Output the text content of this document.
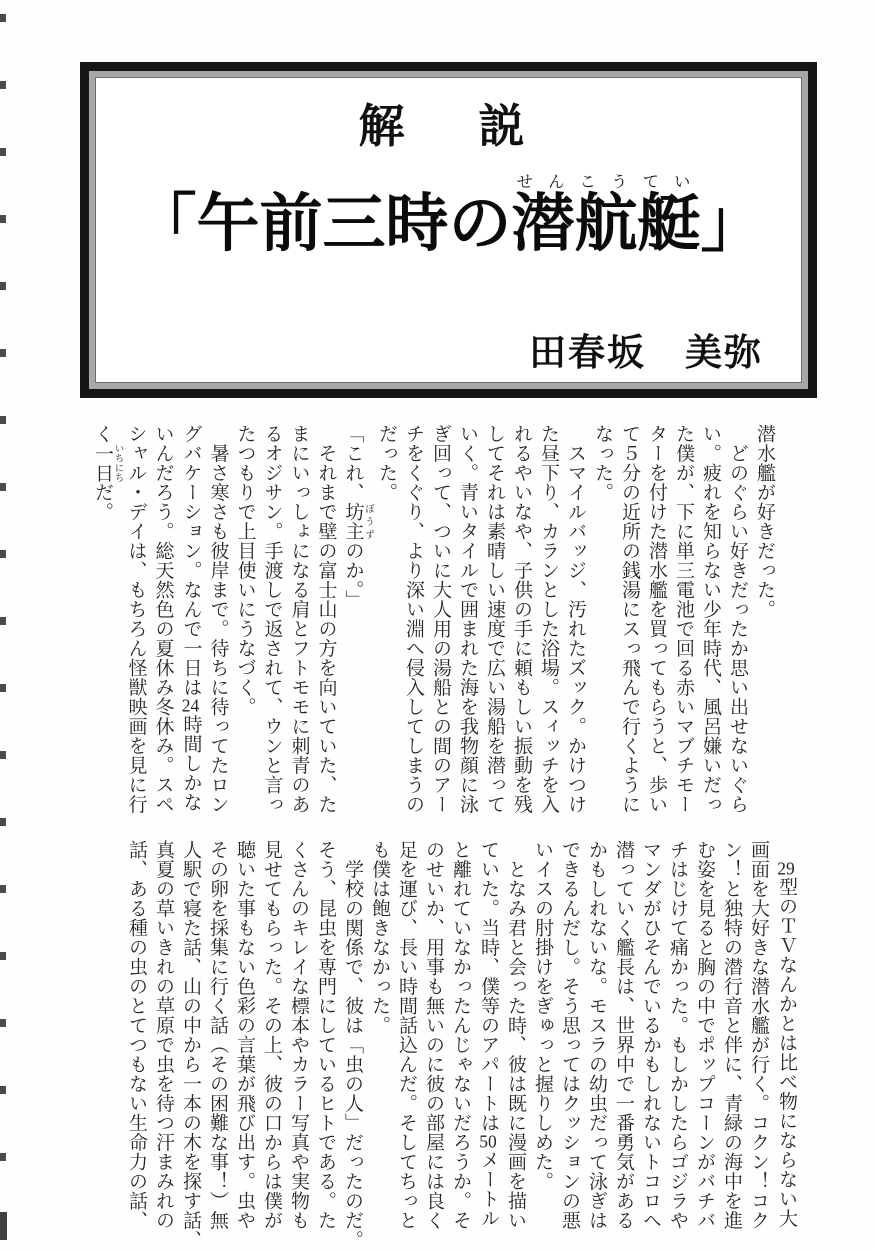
解　説
「午前三時の潜せん航こう艇てい」
田春坂　美弥

潜水艦が好きだった。

　どのぐらい好きだったか思い出せないぐら

い。疲れを知らない少年時代、風呂嫌いだっ

た僕が、下に単三電池で回る赤いマブチモー

ターを付けた潜水艦を買ってもらうと、歩い

て５分の近所の銭湯にスっ飛んで行くように

なった。

　スマイルバッジ、汚れたズック。かけつけ

た昼下り、カランとした浴場。スィッチを入

れるやいなや、子供の手に頼もしい振動を残

してそれは素晴しい速度で広い湯船を潜って

いく。青いタイルで囲まれた海を我物顔に泳

ぎ回って、ついに大人用の湯船との間のアー

チをくぐり、より深い淵へ侵入してしまうの

だった。

「これ、坊主 ぼうずのか。」

　それまで壁の富士山の方を向いていた、た

まにいっしょになる肩とフトモモに刺青のあ

るオジサン。手渡しで返されて、ウンと言っ

たつもりで上目使いにうなづく。

　暑さ寒さも彼岸まで。待ちに待ってたロン

グバケーション。なんで一日は24時間しかな

いんだろう。総天然色の夏休み冬休み。スペ

シャル・デイは、もちろん怪獣映画を見に行

く一日 いちにちだ。

　29型のＴＶなんかとは比べ物にならない大

画面を大好きな潜水艦が行く。コクン！コク

ン！と独特の潜行音と伴に、青緑の海中を進

む姿を見ると胸の中でポップコーンがバチバ

チはじけて痛かった。もしかしたらゴジラや

マンダがひそんでいるかもしれないトコロへ

潜っていく艦長は、世界中で一番勇気がある

かもしれないな。モスラの幼虫だって泳ぎは

できるんだし。そう思ってはクッションの悪

いイスの肘掛けをぎゅっと握りしめた。

　となみ君と会った時、彼は既に漫画を描い

ていた。当時、僕等のアパートは50メートル

と離れていなかったんじゃないだろうか。そ

のせいか、用事も無いのに彼の部屋には良く

足を運び、長い時間話込んだ。そしてちっと

も僕は飽きなかった。

　学校の関係で、彼は「虫の人」だったのだ。

そう、昆虫を専門にしているヒトである。た

くさんのキレイな標本やカラー写真や実物も

見せてもらった。その上、彼の口からは僕が

聴いた事もない色彩の言葉が飛び出す。虫や

その卵を採集に行く話（その困難な事！）無

人駅で寝た話、山の中から一本の木を探す話、

真夏の草いきれの草原で虫を待つ汗まみれの

話、ある種の虫のとてつもない生命力の話、
